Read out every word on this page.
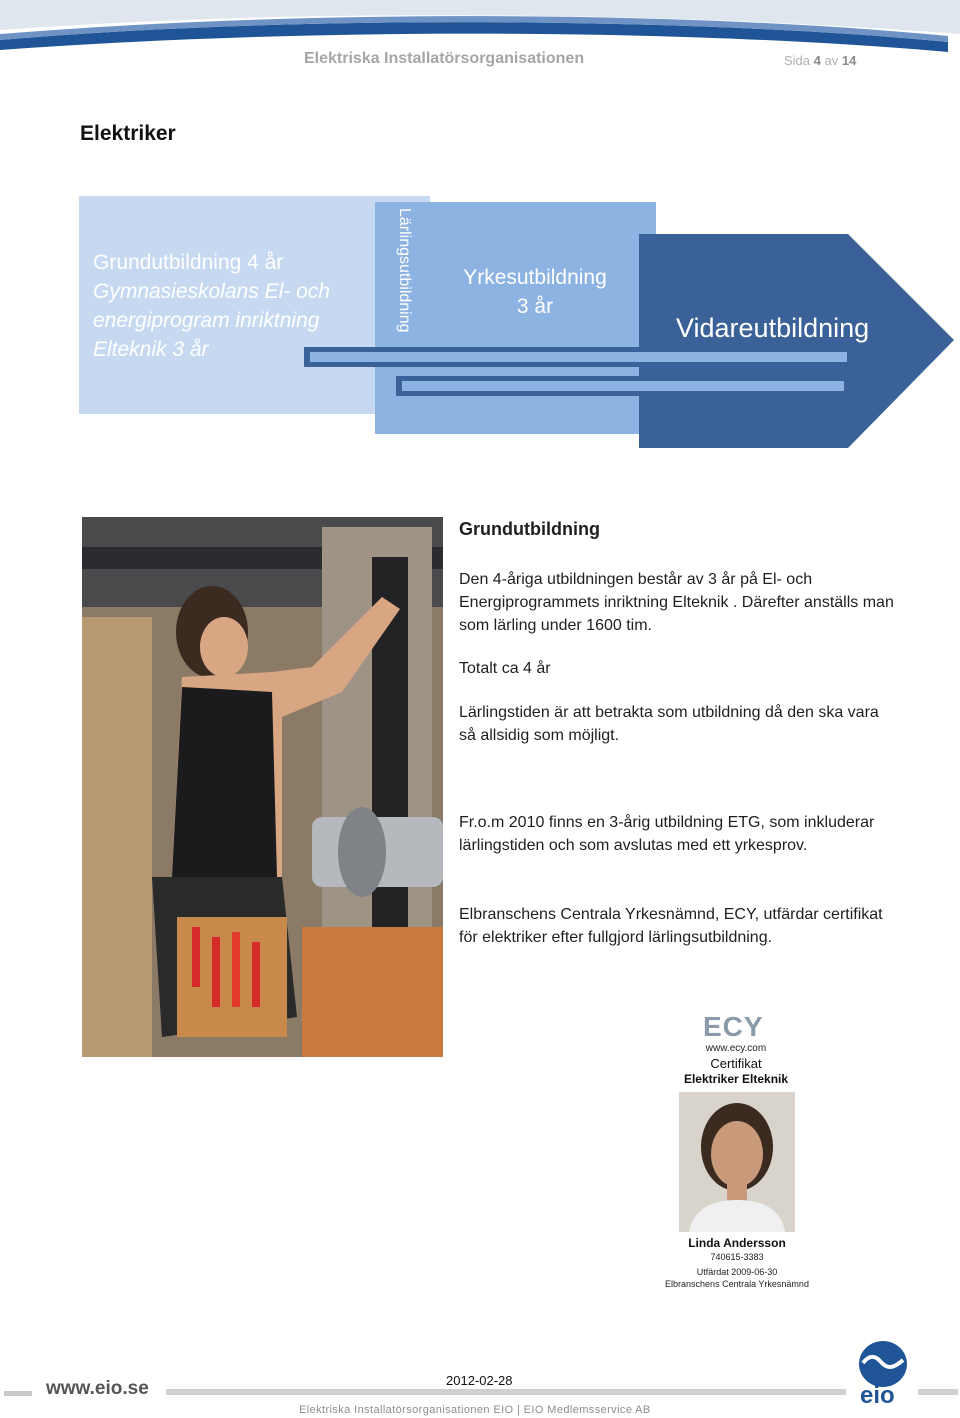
Elektriska Installatörsorganisationen	Sida 4 av 14
Elektriker
Grundutbildning 4 år
Gymnasieskolans El- och energiprogram inriktning Elteknik 3 år
Lärlingsutbildning	Yrkesutbildning
3 år
Vidareutbildning
Grundutbildning
Den 4-åriga utbildningen består av 3 år på El- och Energiprogrammets inriktning Elteknik . Därefter anställs man som lärling under 1600 tim.
Totalt ca 4 år
Lärlingstiden är att betrakta som utbildning då den ska vara så allsidig som möjligt.
Fr.o.m 2010 finns en 3-årig utbildning ETG, som inkluderar lärlingstiden och som avslutas med ett yrkesprov.
Elbranschens Centrala Yrkesnämnd, ECY, utfärdar certifikat för elektriker efter fullgjord lärlingsutbildning.
ECY
www.ecy.com
Certifikat
Elektriker Elteknik
Linda Andersson
740615-3383
Utfärdat 2009-06-30
Elbranschens Centrala Yrkesnämnd
www.eio.se	2012-02-28
Elektriska Installatörsorganisationen EIO | EIO Medlemsservice AB
eio
